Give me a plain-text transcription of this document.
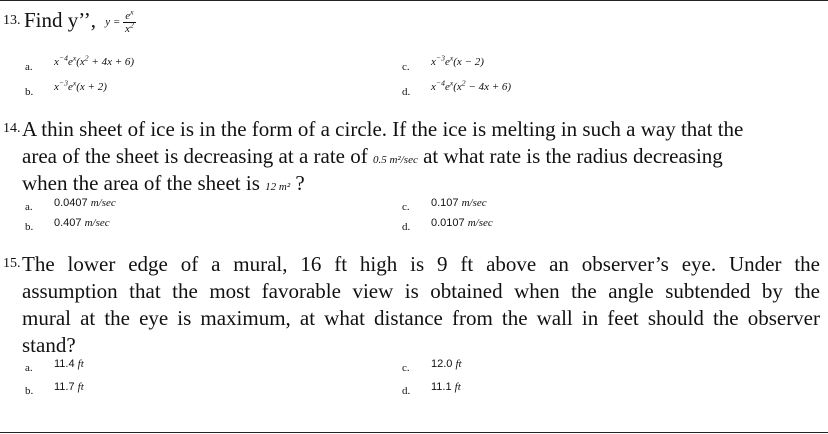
13. Find y’’, $y = \frac{e^x}{x^2}$
a. $x^{-4}e^x(x^2 + 4x + 6)$
b. $x^{-3}e^x(x + 2)$
c. $x^{-3}e^x(x - 2)$
d. $x^{-4}e^x(x^2 - 4x + 6)$
14. A thin sheet of ice is in the form of a circle. If the ice is melting in such a way that the
area of the sheet is decreasing at a rate of 0.5 m²/sec at what rate is the radius decreasing
when the area of the sheet is 12 m² ?
a. 0.0407 m/sec
b. 0.407 m/sec
c. 0.107 m/sec
d. 0.0107 m/sec
15. The lower edge of a mural, 16 ft high is 9 ft above an observer’s eye. Under the
assumption that the most favorable view is obtained when the angle subtended by the
mural at the eye is maximum, at what distance from the wall in feet should the observer
stand?
a. 11.4 ft
b. 11.7 ft
c. 12.0 ft
d. 11.1 ft
